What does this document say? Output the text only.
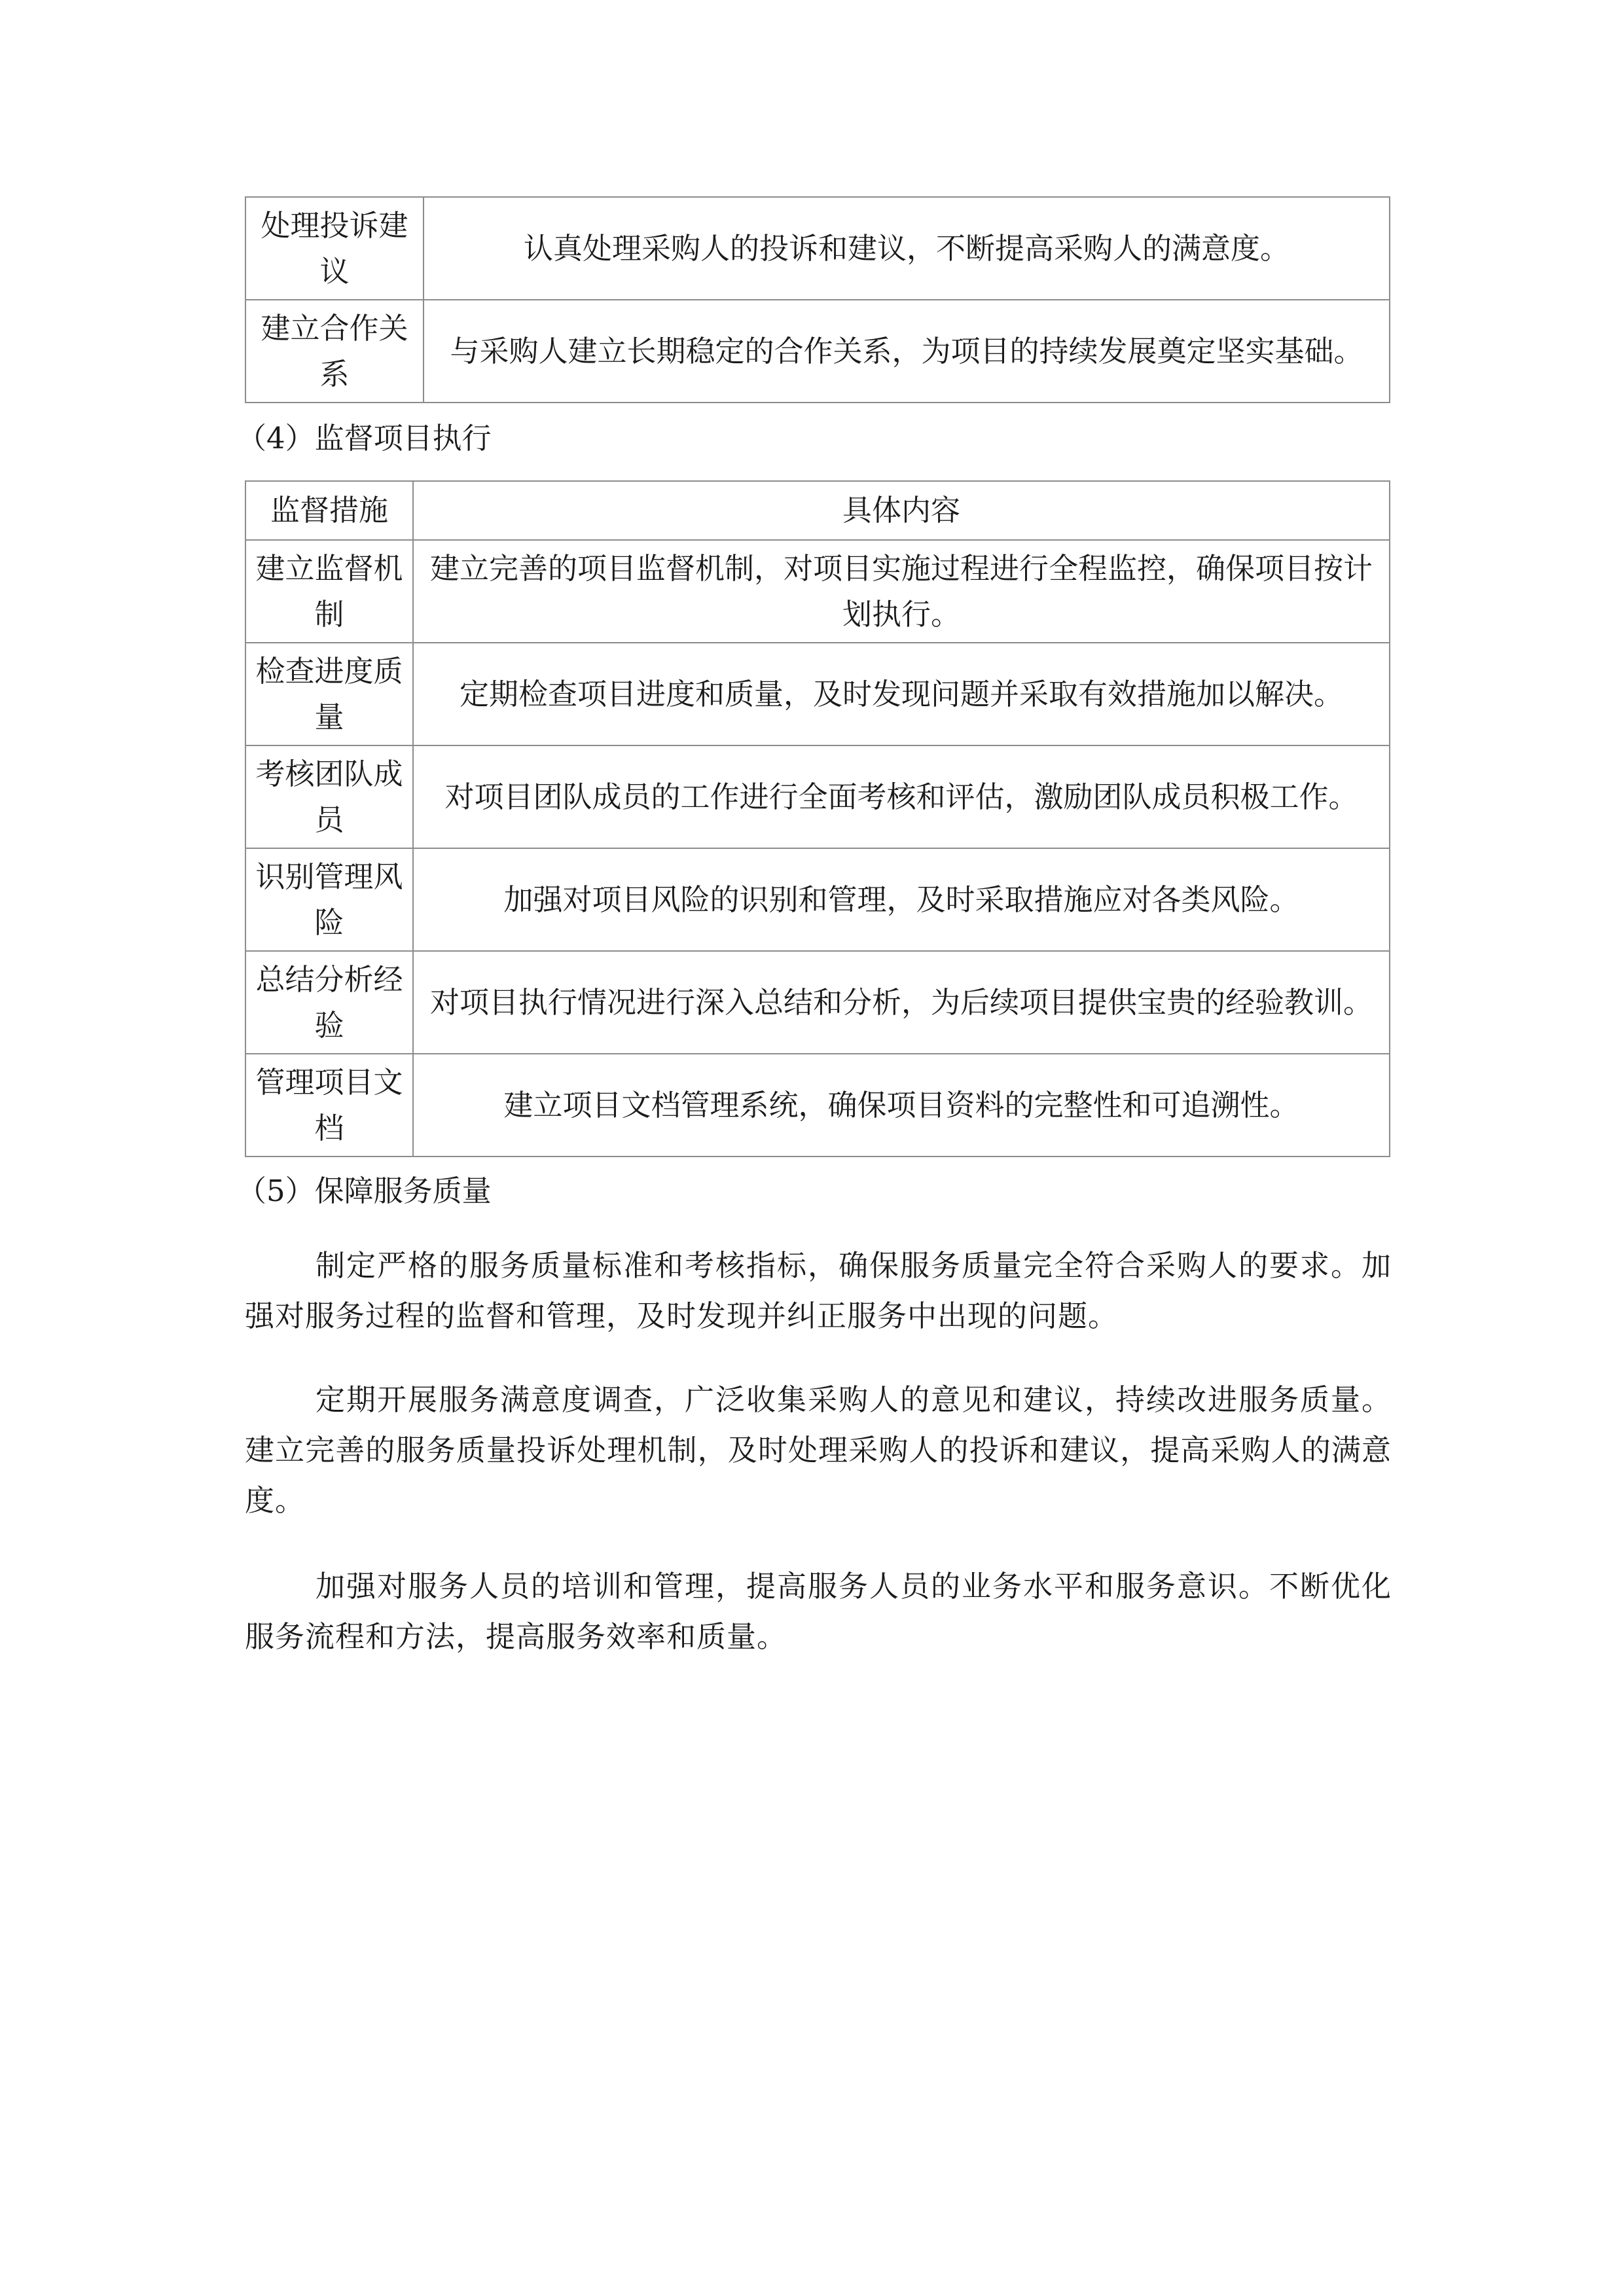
处理投诉建议	认真处理采购人的投诉和建议，不断提高采购人的满意度。
建立合作关系	与采购人建立长期稳定的合作关系，为项目的持续发展奠定坚实基础。
（4）监督项目执行
监督措施	具体内容
建立监督机制	建立完善的项目监督机制，对项目实施过程进行全程监控，确保项目按计划执行。
检查进度质量	定期检查项目进度和质量，及时发现问题并采取有效措施加以解决。
考核团队成员	对项目团队成员的工作进行全面考核和评估，激励团队成员积极工作。
识别管理风险	加强对项目风险的识别和管理，及时采取措施应对各类风险。
总结分析经验	对项目执行情况进行深入总结和分析，为后续项目提供宝贵的经验教训。
管理项目文档	建立项目文档管理系统，确保项目资料的完整性和可追溯性。
（5）保障服务质量

制定严格的服务质量标准和考核指标，确保服务质量完全符合采购人的要求。加强对服务过程的监督和管理，及时发现并纠正服务中出现的问题。

定期开展服务满意度调查，广泛收集采购人的意见和建议，持续改进服务质量。建立完善的服务质量投诉处理机制，及时处理采购人的投诉和建议，提高采购人的满意度。

加强对服务人员的培训和管理，提高服务人员的业务水平和服务意识。不断优化服务流程和方法，提高服务效率和质量。
